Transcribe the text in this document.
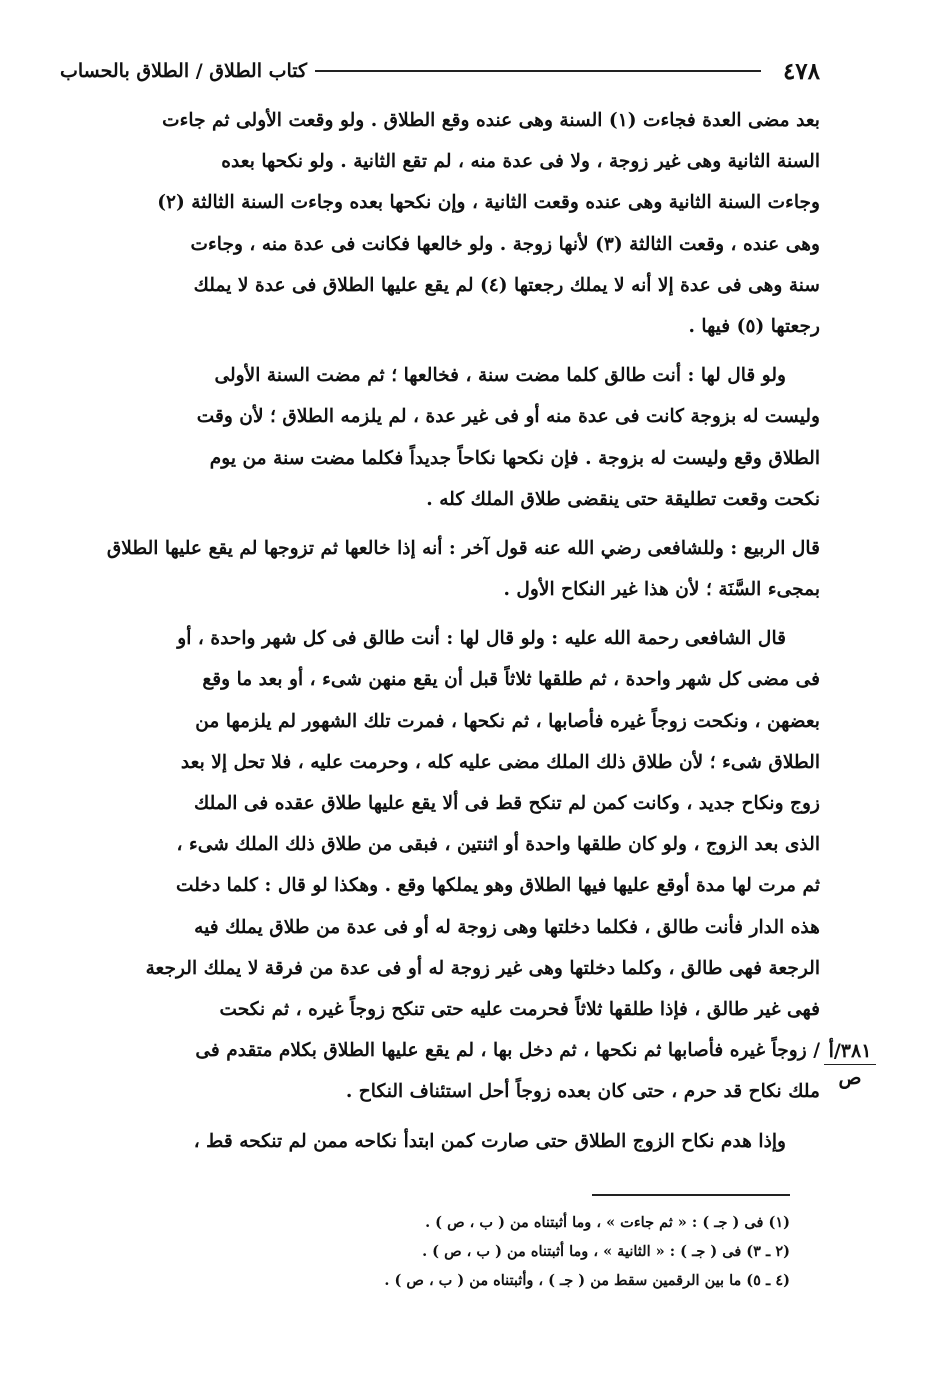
٤٧٨
كتاب الطلاق / الطلاق بالحساب
بعد مضى العدة فجاءت (١) السنة وهى عنده وقع الطلاق . ولو وقعت الأولى ثم جاءت
السنة الثانية وهى غير زوجة ، ولا فى عدة منه ، لم تقع الثانية . ولو نكحها بعده
وجاءت السنة الثانية وهى عنده وقعت الثانية ، وإن نكحها بعده وجاءت السنة الثالثة (٢)
وهى عنده ، وقعت الثالثة (٣) لأنها زوجة . ولو خالعها فكانت فى عدة منه ، وجاءت
سنة وهى فى عدة إلا أنه لا يملك رجعتها (٤) لم يقع عليها الطلاق فى عدة لا يملك
رجعتها (٥) فيها .
ولو قال لها : أنت طالق كلما مضت سنة ، فخالعها ؛ ثم مضت السنة الأولى
وليست له بزوجة كانت فى عدة منه أو فى غير عدة ، لم يلزمه الطلاق ؛ لأن وقت
الطلاق وقع وليست له بزوجة . فإن نكحها نكاحاً جديداً فكلما مضت سنة من يوم
نكحت وقعت تطليقة حتى ينقضى طلاق الملك كله .
قال الربيع : وللشافعى رضي الله عنه قول آخر : أنه إذا خالعها ثم تزوجها لم يقع عليها الطلاق
بمجىء السَّنَة ؛ لأن هذا غير النكاح الأول .
قال الشافعى رحمة الله عليه : ولو قال لها : أنت طالق فى كل شهر واحدة ، أو
فى مضى كل شهر واحدة ، ثم طلقها ثلاثاً قبل أن يقع منهن شىء ، أو بعد ما وقع
بعضهن ، ونكحت زوجاً غيره فأصابها ، ثم نكحها ، فمرت تلك الشهور لم يلزمها من
الطلاق شىء ؛ لأن طلاق ذلك الملك مضى عليه كله ، وحرمت عليه ، فلا تحل إلا بعد
زوج ونكاح جديد ، وكانت كمن لم تنكح قط فى ألا يقع عليها طلاق عقده فى الملك
الذى بعد الزوج ، ولو كان طلقها واحدة أو اثنتين ، فبقى من طلاق ذلك الملك شىء ،
ثم مرت لها مدة أوقع عليها فيها الطلاق وهو يملكها وقع . وهكذا لو قال : كلما دخلت
هذه الدار فأنت طالق ، فكلما دخلتها وهى زوجة له أو فى عدة من طلاق يملك فيه
الرجعة فهى طالق ، وكلما دخلتها وهى غير زوجة له أو فى عدة من فرقة لا يملك الرجعة
فهى غير طالق ، فإذا طلقها ثلاثاً فحرمت عليه حتى تنكح زوجاً غيره ، ثم نكحت
/ زوجاً غيره فأصابها ثم نكحها ، ثم دخل بها ، لم يقع عليها الطلاق بكلام متقدم فى
ملك نكاح قد حرم ، حتى كان بعده زوجاً أحل استئناف النكاح .
وإذا هدم نكاح الزوج الطلاق حتى صارت كمن ابتدأ نكاحه ممن لم تنكحه قط ،
٣٨١/أ
ص
(١) فى ( جـ ) : « ثم جاءت » ، وما أثبتناه من ( ب ، ص ) .
(٢ ـ ٣) فى ( جـ ) : « الثانية » ، وما أثبتناه من ( ب ، ص ) .
(٤ ـ ٥) ما بين الرقمين سقط من ( جـ ) ، وأثبتناه من ( ب ، ص ) .
